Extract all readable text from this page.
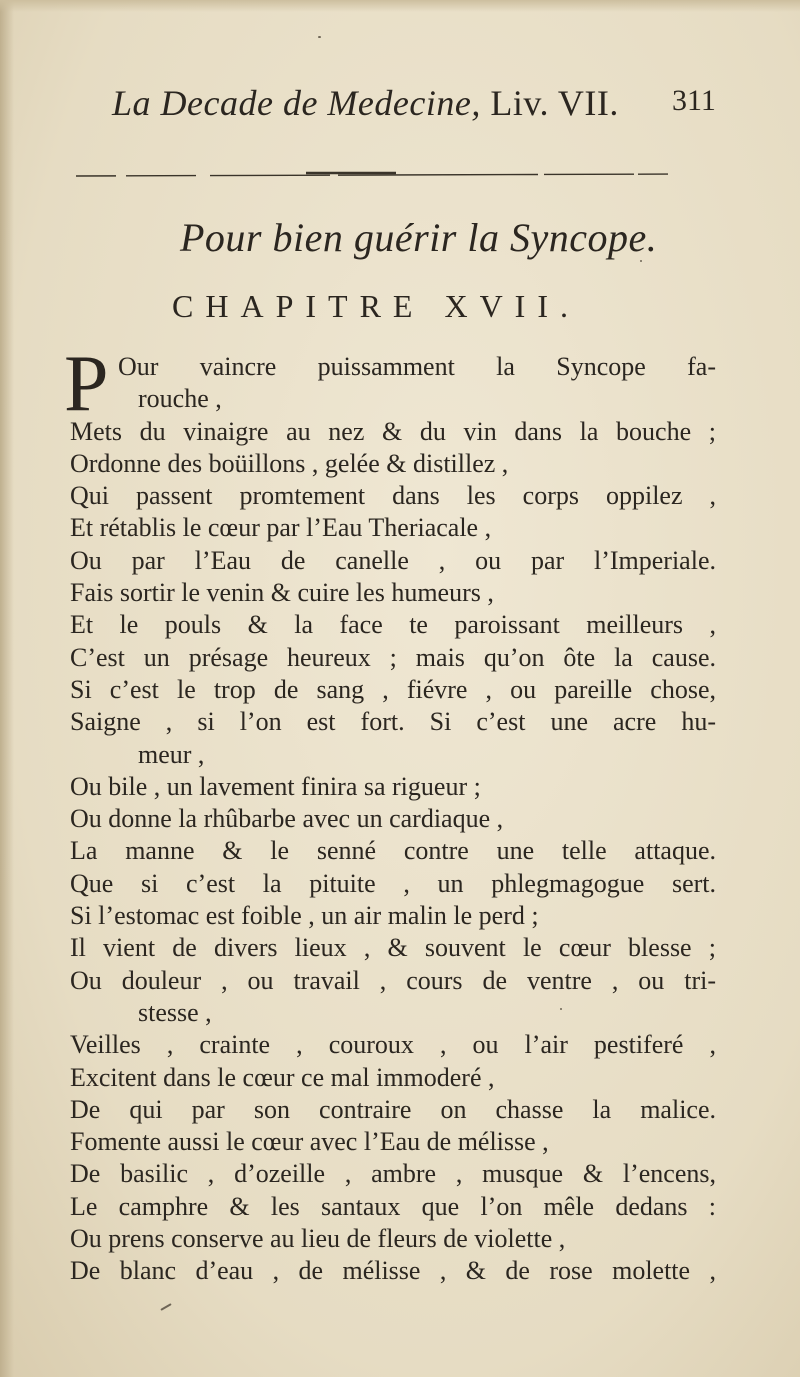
La Decade de Medecine, Liv. VII. 311
Pour bien guérir la Syncope.
CHAPITRE XVII.
P Our vaincre puissamment la Syncope fa-
rouche ,
Mets du vinaigre au nez & du vin dans la bouche ;
Ordonne des boüillons , gelée & distillez ,
Qui passent promtement dans les corps oppilez ,
Et rétablis le cœur par l’Eau Theriacale ,
Ou par l’Eau de canelle , ou par l’Imperiale.
Fais sortir le venin & cuire les humeurs ,
Et le pouls & la face te paroissant meilleurs ,
C’est un présage heureux ; mais qu’on ôte la cause.
Si c’est le trop de sang , fiévre , ou pareille chose,
Saigne , si l’on est fort. Si c’est une acre hu-
meur ,
Ou bile , un lavement finira sa rigueur ;
Ou donne la rhûbarbe avec un cardiaque ,
La manne & le senné contre une telle attaque.
Que si c’est la pituite , un phlegmagogue sert.
Si l’estomac est foible , un air malin le perd ;
Il vient de divers lieux , & souvent le cœur blesse ;
Ou douleur , ou travail , cours de ventre , ou tri-
stesse ,
Veilles , crainte , couroux , ou l’air pestiferé ,
Excitent dans le cœur ce mal immoderé ,
De qui par son contraire on chasse la malice.
Fomente aussi le cœur avec l’Eau de mélisse ,
De basilic , d’ozeille , ambre , musque & l’encens,
Le camphre & les santaux que l’on mêle dedans :
Ou prens conserve au lieu de fleurs de violette ,
De blanc d’eau , de mélisse , & de rose molette ,
